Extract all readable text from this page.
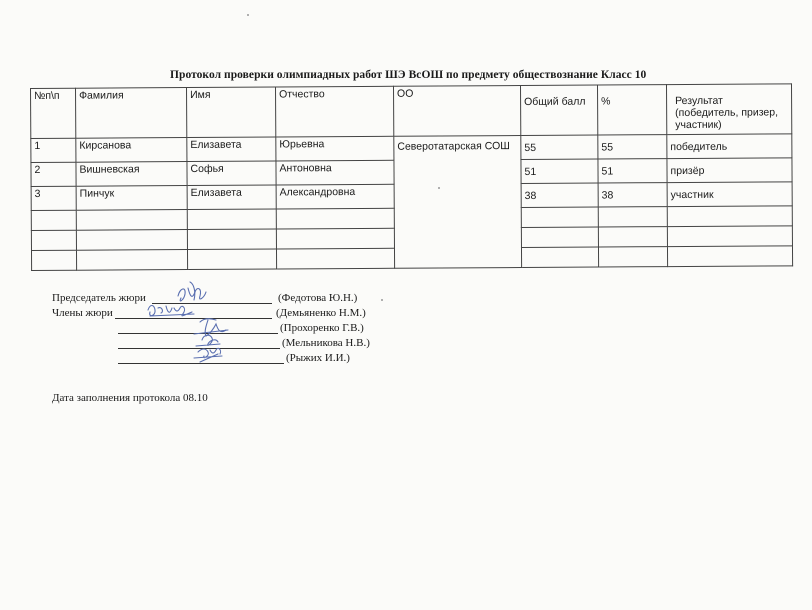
Протокол проверки олимпиадных работ ШЭ ВсОШ по предмету обществознание Класс 10
№п\п	Фамилия	Имя	Отчество	ОО	Общий балл	%	Результат (победитель, призер, участник)
1	Кирсанова	Елизавета	Юрьевна	Северотатарская СОШ	55	55	победитель
2	Вишневская	Софья	Антоновна		51	51	призёр
3	Пинчук	Елизавета	Александровна		38	38	участник

Председатель жюри	(Федотова Ю.Н.)
Члены жюри	(Демьяненко Н.М.)
(Прохоренко Г.В.)
(Мельникова Н.В.)
(Рыжих И.И.)
Дата заполнения протокола 08.10
